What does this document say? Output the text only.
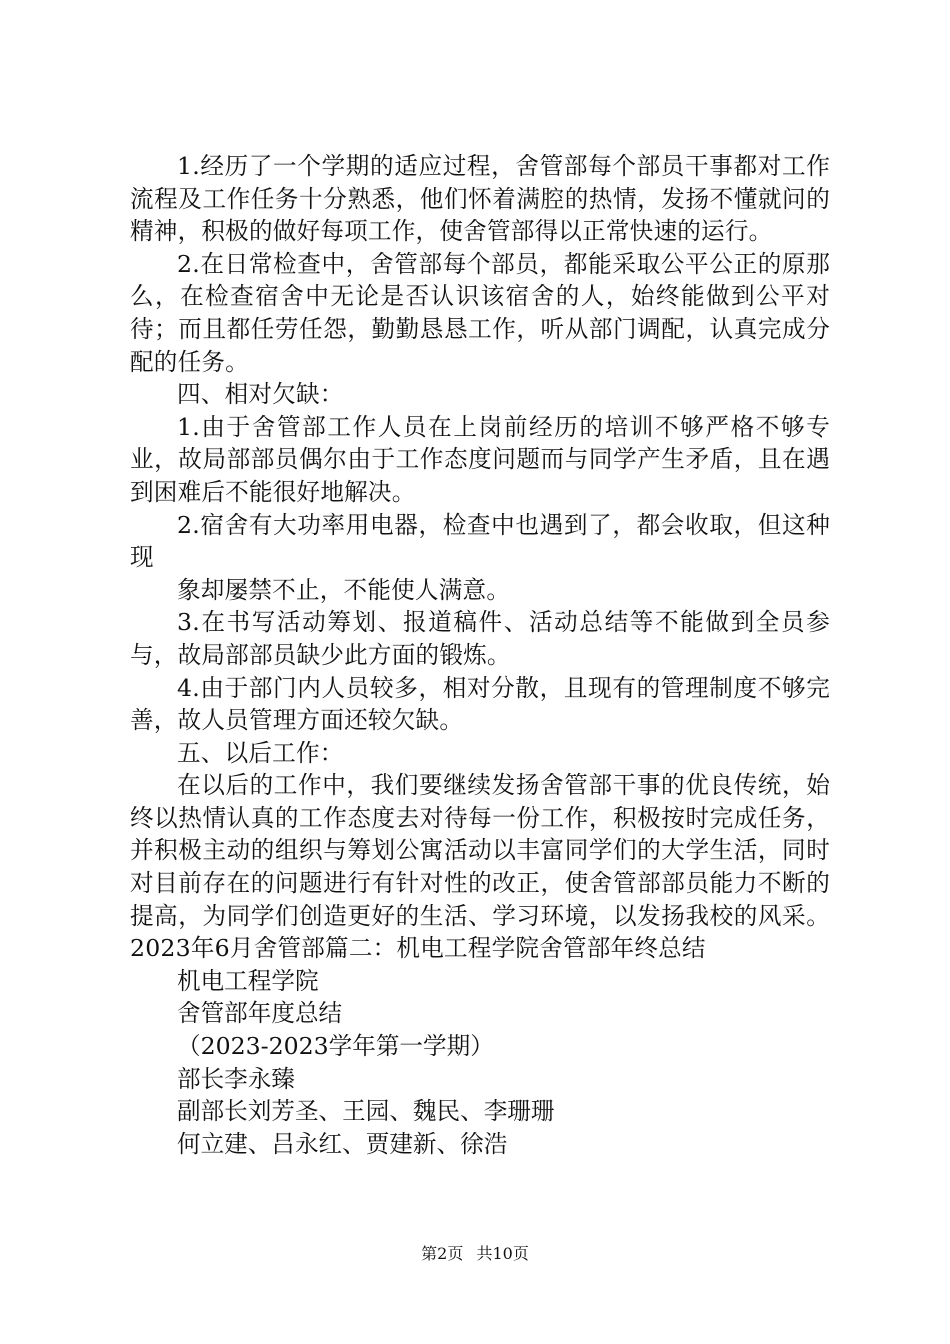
1.经历了一个学期的适应过程，舍管部每个部员干事都对工作流程及工作任务十分熟悉，他们怀着满腔的热情，发扬不懂就问的精神，积极的做好每项工作，使舍管部得以正常快速的运行。

2.在日常检查中，舍管部每个部员，都能采取公平公正的原那么，在检查宿舍中无论是否认识该宿舍的人，始终能做到公平对待；而且都任劳任怨，勤勤恳恳工作，听从部门调配，认真完成分配的任务。

四、相对欠缺：

1.由于舍管部工作人员在上岗前经历的培训不够严格不够专业，故局部部员偶尔由于工作态度问题而与同学产生矛盾，且在遇到困难后不能很好地解决。

2.宿舍有大功率用电器，检查中也遇到了，都会收取，但这种现

象却屡禁不止，不能使人满意。

3.在书写活动筹划、报道稿件、活动总结等不能做到全员参与，故局部部员缺少此方面的锻炼。

4.由于部门内人员较多，相对分散，且现有的管理制度不够完善，故人员管理方面还较欠缺。

五、以后工作：

在以后的工作中，我们要继续发扬舍管部干事的优良传统，始终以热情认真的工作态度去对待每一份工作，积极按时完成任务，并积极主动的组织与筹划公寓活动以丰富同学们的大学生活，同时对目前存在的问题进行有针对性的改正，使舍管部部员能力不断的提高，为同学们创造更好的生活、学习环境，以发扬我校的风采。2023年6月舍管部篇二：机电工程学院舍管部年终总结

机电工程学院

舍管部年度总结

（2023-2023学年第一学期）

部长李永臻

副部长刘芳圣、王园、魏民、李珊珊

何立建、吕永红、贾建新、徐浩

第2页 共10页
